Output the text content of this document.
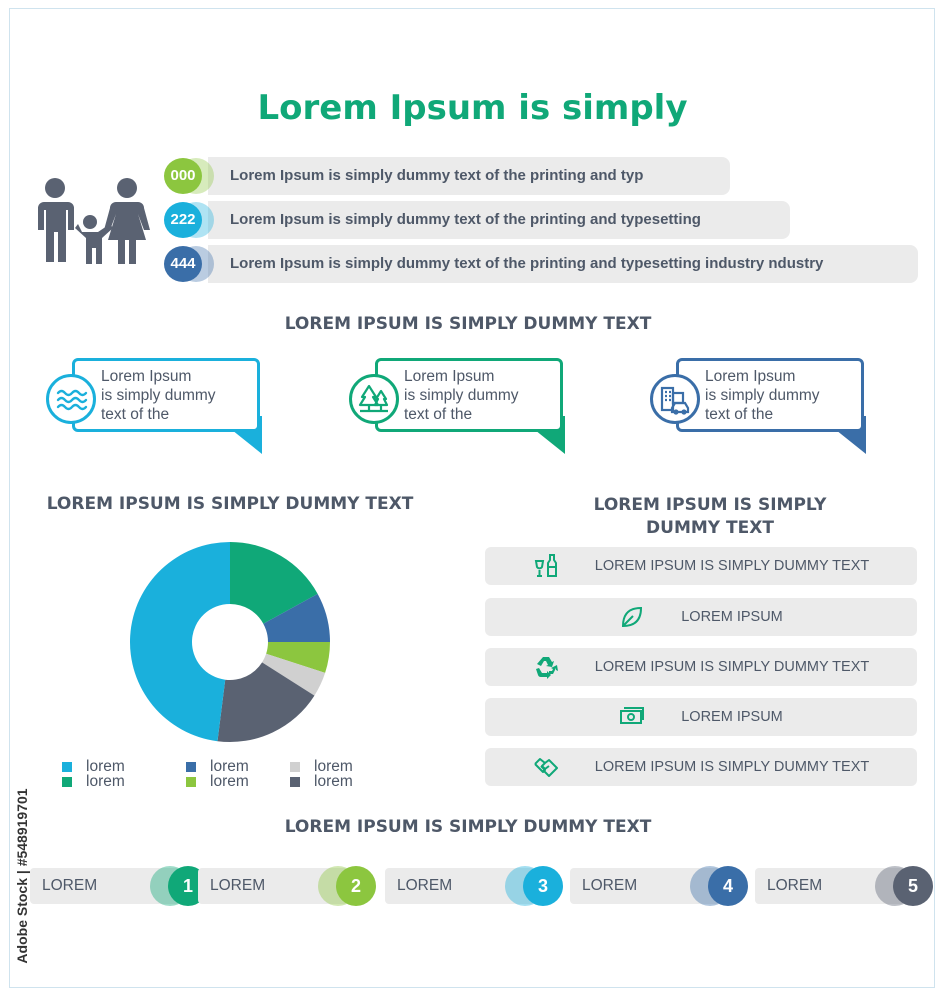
Lorem Ipsum is simply
Lorem Ipsum is simply dummy text of the printing and typ
000
Lorem Ipsum is simply dummy text of the printing and typesetting
222
Lorem Ipsum is simply dummy text of the printing and typesetting industry ndustry
444
LOREM IPSUM IS SIMPLY DUMMY TEXT
Lorem Ipsum
is simply dummy
text of the
Lorem Ipsum
is simply dummy
text of the
Lorem Ipsum
is simply dummy
text of the
LOREM IPSUM IS SIMPLY DUMMY TEXT	LOREM IPSUM IS SIMPLY
DUMMY TEXT
lorem	lorem	lorem
lorem	lorem	lorem
LOREM IPSUM IS SIMPLY DUMMY TEXT
LOREM IPSUM
LOREM IPSUM IS SIMPLY DUMMY TEXT
LOREM IPSUM
LOREM IPSUM IS SIMPLY DUMMY TEXT
LOREM IPSUM IS SIMPLY DUMMY TEXT
LOREM	1	LOREM	2	LOREM	3	LOREM	4	LOREM	5
Adobe Stock | #548919701
